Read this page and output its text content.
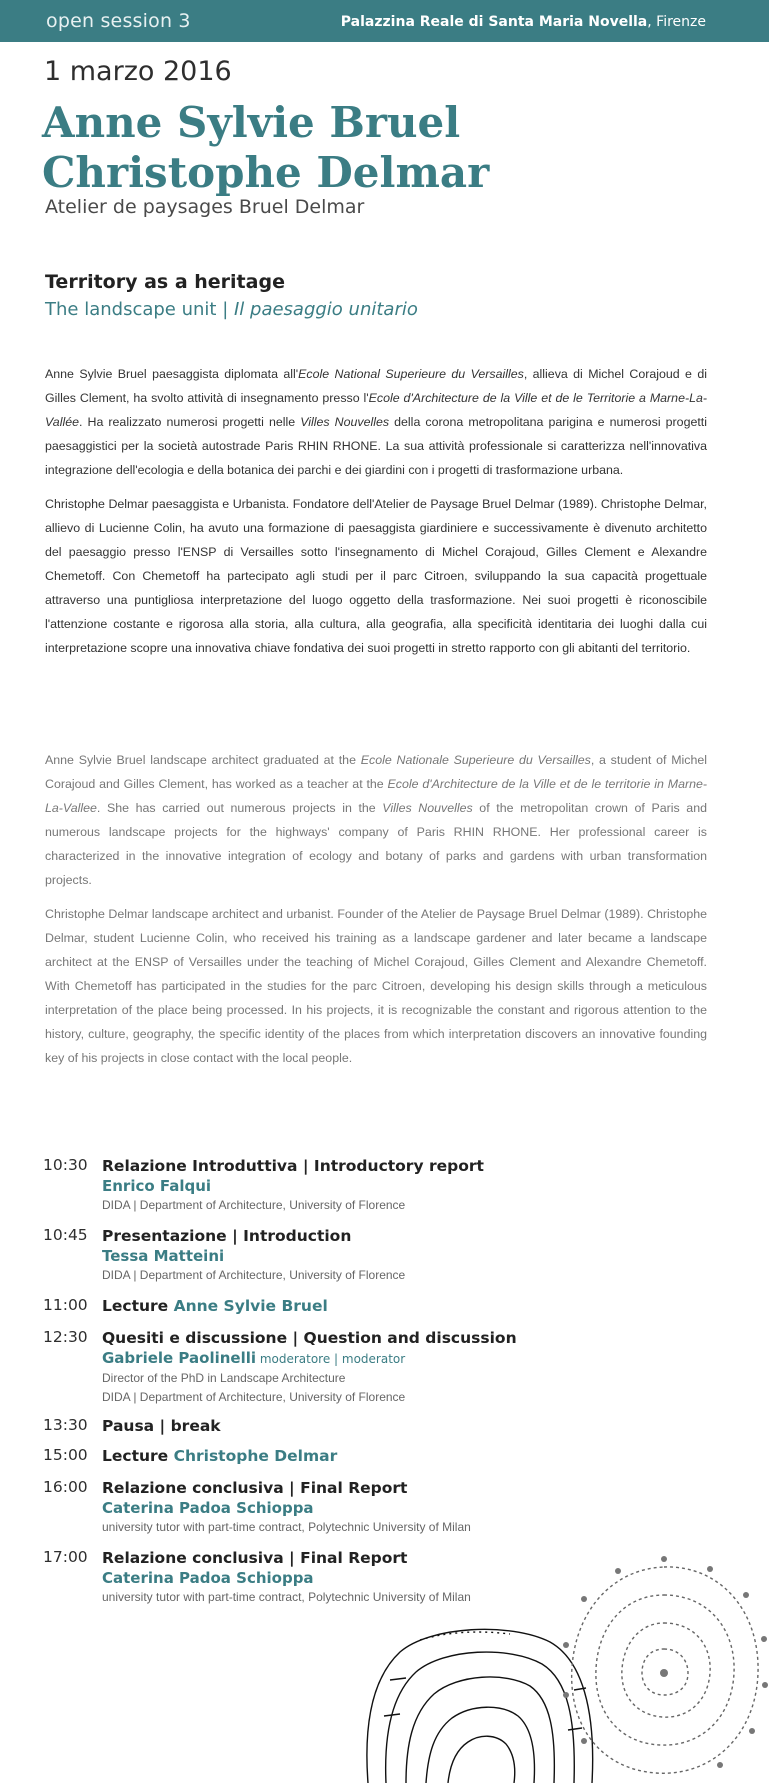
open session 3	Palazzina Reale di Santa Maria Novella, Firenze
1 marzo 2016
Anne Sylvie Bruel
Christophe Delmar
Atelier de paysages Bruel Delmar
Territory as a heritage
The landscape unit | Il paesaggio unitario

Anne Sylvie Bruel paesaggista diplomata all'Ecole National Superieure du Versailles, allieva di Michel Corajoud e di Gilles Clement, ha svolto attività di insegnamento presso l'Ecole d'Architecture de la Ville et de le Territorie a Marne-La-Vallée. Ha realizzato numerosi progetti nelle Villes Nouvelles della corona metropolitana parigina e numerosi progetti paesaggistici per la società autostrade Paris RHIN RHONE. La sua attività professionale si caratterizza nell'innovativa integrazione dell'ecologia e della botanica dei parchi e dei giardini con i progetti di trasformazione urbana.

Christophe Delmar paesaggista e Urbanista. Fondatore dell'Atelier de Paysage Bruel Delmar (1989). Christophe Delmar, allievo di Lucienne Colin, ha avuto una formazione di paesaggista giardiniere e successivamente è divenuto architetto del paesaggio presso l'ENSP di Versailles sotto l'insegnamento di Michel Corajoud, Gilles Clement e Alexandre Chemetoff. Con Chemetoff ha partecipato agli studi per il parc Citroen, sviluppando la sua capacità progettuale attraverso una puntigliosa interpretazione del luogo oggetto della trasformazione. Nei suoi progetti è riconoscibile l'attenzione costante e rigorosa alla storia, alla cultura, alla geografia, alla specificità identitaria dei luoghi dalla cui interpretazione scopre una innovativa chiave fondativa dei suoi progetti in stretto rapporto con gli abitanti del territorio.

Anne Sylvie Bruel landscape architect graduated at the Ecole Nationale Superieure du Versailles, a student of Michel Corajoud and Gilles Clement, has worked as a teacher at the Ecole d'Architecture de la Ville et de le territorie in Marne-La-Vallee. She has carried out numerous projects in the Villes Nouvelles of the metropolitan crown of Paris and numerous landscape projects for the highways' company of Paris RHIN RHONE. Her professional career is characterized in the innovative integration of ecology and botany of parks and gardens with urban transformation projects.

Christophe Delmar landscape architect and urbanist. Founder of the Atelier de Paysage Bruel Delmar (1989). Christophe Delmar, student Lucienne Colin, who received his training as a landscape gardener and later became a landscape architect at the ENSP of Versailles under the teaching of Michel Corajoud, Gilles Clement and Alexandre Chemetoff. With Chemetoff has participated in the studies for the parc Citroen, developing his design skills through a meticulous interpretation of the place being processed. In his projects, it is recognizable the constant and rigorous attention to the history, culture, geography, the specific identity of the places from which interpretation discovers an innovative founding key of his projects in close contact with the local people.

10:30 Relazione Introduttiva | Introductory report
Enrico Falqui
DIDA | Department of Architecture, University of Florence
10:45 Presentazione | Introduction
Tessa Matteini
DIDA | Department of Architecture, University of Florence
11:00 Lecture Anne Sylvie Bruel
12:30 Quesiti e discussione | Question and discussion
Gabriele Paolinelli moderatore | moderator
Director of the PhD in Landscape Architecture
DIDA | Department of Architecture, University of Florence
13:30 Pausa | break
15:00 Lecture Christophe Delmar
16:00 Relazione conclusiva | Final Report
Caterina Padoa Schioppa
university tutor with part-time contract, Polytechnic University of Milan
17:00 Relazione conclusiva | Final Report
Caterina Padoa Schioppa
university tutor with part-time contract, Polytechnic University of Milan
